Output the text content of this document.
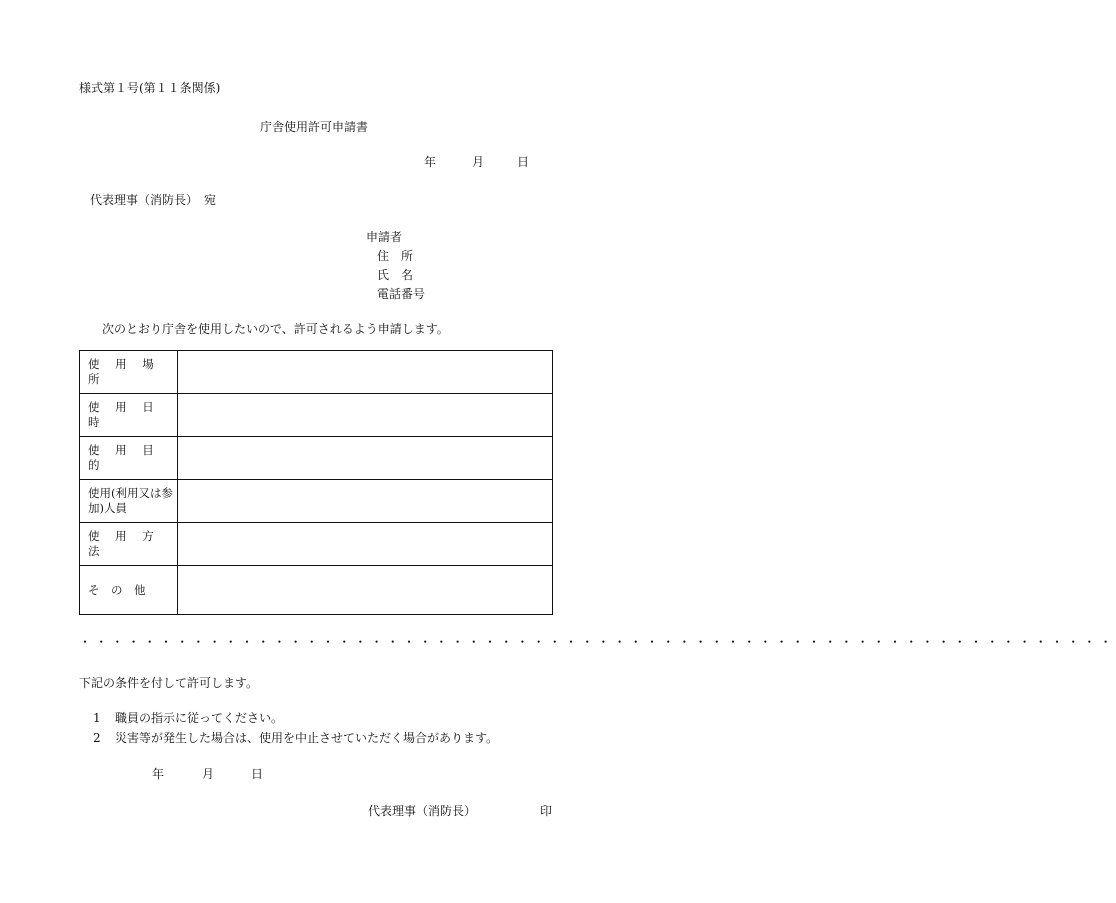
様式第１号(第１１条関係)
庁舎使用許可申請書
年	月	日
代表理事（消防長）　宛
申請者
住　所
氏　名
電話番号
次のとおり庁舎を使用したいので、許可されるよう申請します。
使 用 場 所	
使 用 日 時	
使 用 目 的	
使用(利用又は参加)人員	
使 用 方 法	
そ　の　他	
・・・・・・・・・・・・・・・・・・・・・・・・・・・・・・・・・・・・・・・・・・・・・・・・・・・・・・・・・・・・・・・・
下記の条件を付して許可します。
1 職員の指示に従ってください。
2 災害等が発生した場合は、使用を中止させていただく場合があります。
年	月	日
代表理事（消防長）	印
